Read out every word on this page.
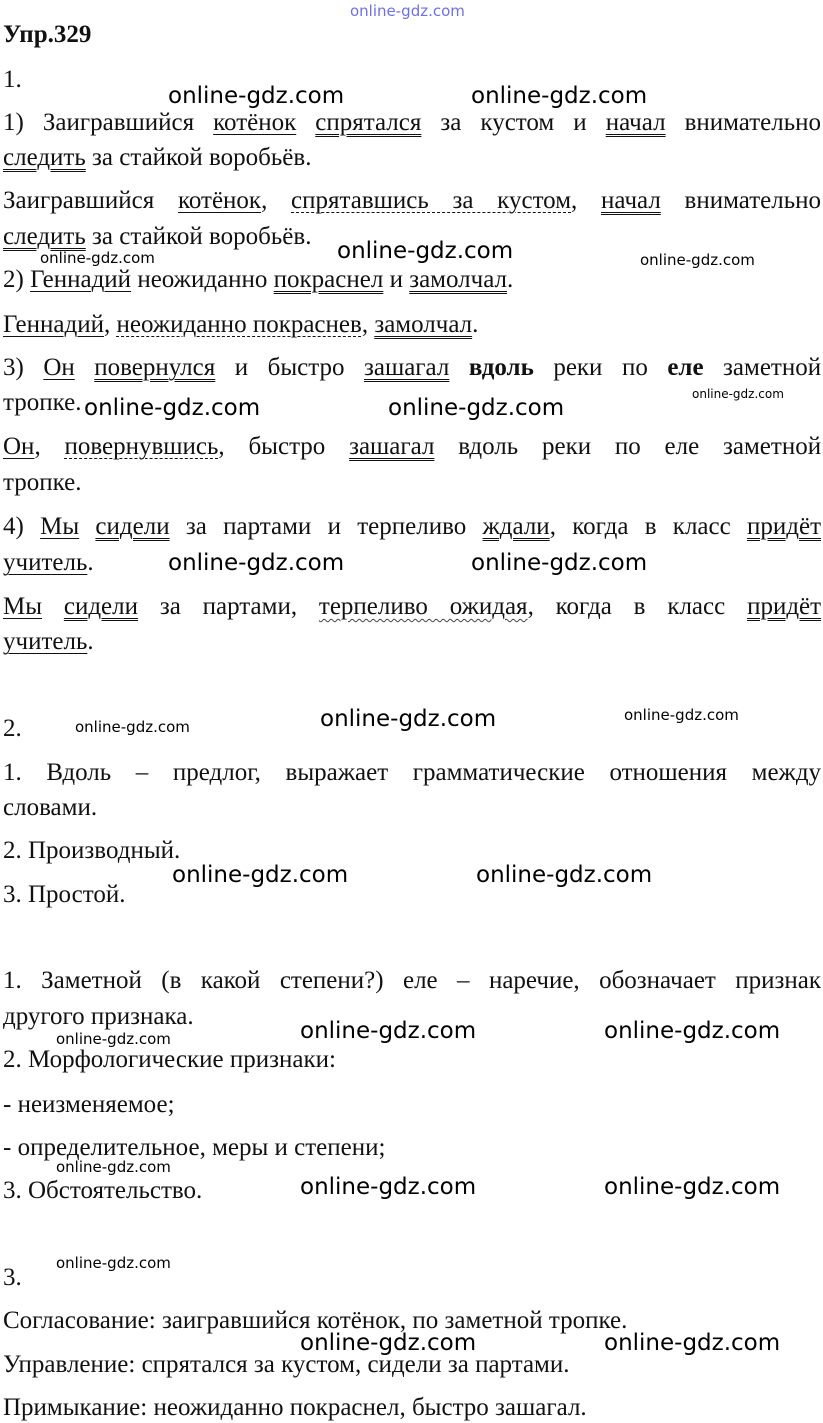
online-gdz.com
Упр.329
1.
1) Заигравшийся котёнок спрятался за кустом и начал внимательно
следить за стайкой воробьёв.
Заигравшийся котёнок, спрятавшись за кустом, начал внимательно
следить за стайкой воробьёв.
2) Геннадий неожиданно покраснел и замолчал.
Геннадий, неожиданно покраснев, замолчал.
3) Он повернулся и быстро зашагал вдоль реки по еле заметной
тропке.
Он, повернувшись, быстро зашагал вдоль реки по еле заметной
тропке.
4) Мы сидели за партами и терпеливо ждали, когда в класс придёт
учитель.
Мы сидели за партами, терпеливо ожидая, когда в класс придёт
учитель.
2.
1. Вдоль – предлог, выражает грамматические отношения между
словами.
2. Производный.
3. Простой.
1. Заметной (в какой степени?) еле – наречие, обозначает признак
другого признака.
2. Морфологические признаки:
- неизменяемое;
- определительное, меры и степени;
3. Обстоятельство.
3.
Согласование: заигравшийся котёнок, по заметной тропке.
Управление: спрятался за кустом, сидели за партами.
Примыкание: неожиданно покраснел, быстро зашагал.
online-gdz.com	online-gdz.com
online-gdz.com	online-gdz.com	online-gdz.com
online-gdz.com
online-gdz.com	online-gdz.com
online-gdz.com	online-gdz.com
online-gdz.com	online-gdz.com	online-gdz.com
online-gdz.com	online-gdz.com
online-gdz.com	online-gdz.com	online-gdz.com
online-gdz.com
online-gdz.com	online-gdz.com
online-gdz.com
online-gdz.com	online-gdz.com
